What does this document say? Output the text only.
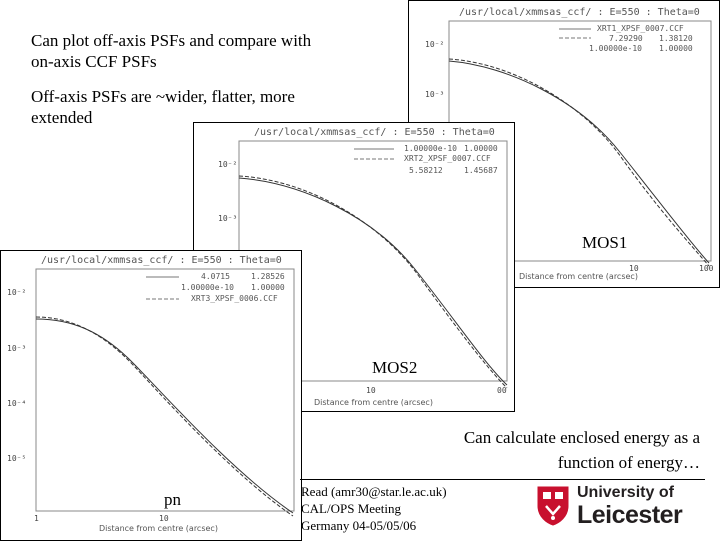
Can plot off-axis PSFs and compare with
on-axis CCF PSFs
Off-axis PSFs are ~wider, flatter, more
extended
/usr/local/xmmsas_ccf/ : E=550 : Theta=0
XRT1_XPSF_0007.CCF
7.29290 1.38120
1.00000e-10 1.00000
10⁻²
10⁻³
10	100
Distance from centre (arcsec)
/usr/local/xmmsas_ccf/ : E=550 : Theta=0
1.00000e-10 1.00000
XRT2_XPSF_0007.CCF
5.58212	1.45687
10⁻²
10⁻³
10	00
Distance from centre (arcsec)
/usr/local/xmmsas_ccf/ : E=550 : Theta=0
4.0715	1.28526
1.00000e-10 1.00000
XRT3_XPSF_0006.CCF
10⁻²
10⁻³
10⁻⁴
10⁻⁵
1	10
Distance from centre (arcsec)
MOS1
MOS2
pn
Can calculate enclosed energy as a
function of energy…
Read (amr30@star.le.ac.uk)
CAL/OPS Meeting
Germany 04-05/05/06
University of
Leicester
